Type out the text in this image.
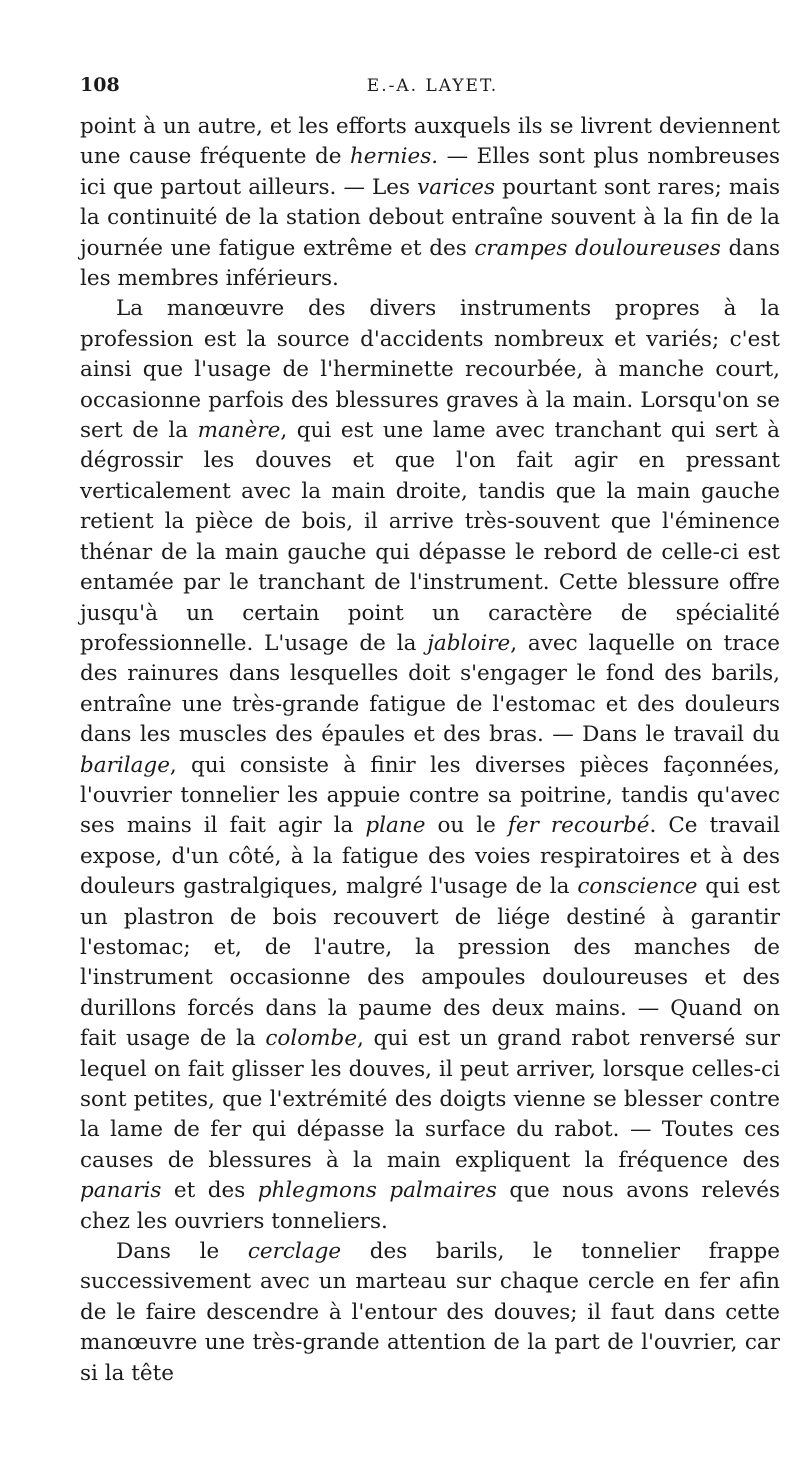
108	E.-A. LAYET.

point à un autre, et les efforts auxquels ils se livrent deviennent une cause fréquente de hernies. — Elles sont plus nombreuses ici que partout ailleurs. — Les varices pourtant sont rares; mais la continuité de la station debout entraîne souvent à la fin de la journée une fatigue extrême et des crampes douloureuses dans les membres inférieurs.

La manœuvre des divers instruments propres à la profession est la source d'accidents nombreux et variés; c'est ainsi que l'usage de l'herminette recourbée, à manche court, occasionne parfois des blessures graves à la main. Lorsqu'on se sert de la manère, qui est une lame avec tranchant qui sert à dégrossir les douves et que l'on fait agir en pressant verticalement avec la main droite, tandis que la main gauche retient la pièce de bois, il arrive très-souvent que l'éminence thénar de la main gauche qui dépasse le rebord de celle-ci est entamée par le tranchant de l'instrument. Cette blessure offre jusqu'à un certain point un caractère de spécialité professionnelle. L'usage de la jabloire, avec laquelle on trace des rainures dans lesquelles doit s'engager le fond des barils, entraîne une très-grande fatigue de l'estomac et des douleurs dans les muscles des épaules et des bras. — Dans le travail du barilage, qui consiste à finir les diverses pièces façonnées, l'ouvrier tonnelier les appuie contre sa poitrine, tandis qu'avec ses mains il fait agir la plane ou le fer recourbé. Ce travail expose, d'un côté, à la fatigue des voies respiratoires et à des douleurs gastralgiques, malgré l'usage de la conscience qui est un plastron de bois recouvert de liége destiné à garantir l'estomac; et, de l'autre, la pression des manches de l'instrument occasionne des ampoules douloureuses et des durillons forcés dans la paume des deux mains. — Quand on fait usage de la colombe, qui est un grand rabot renversé sur lequel on fait glisser les douves, il peut arriver, lorsque celles-ci sont petites, que l'extrémité des doigts vienne se blesser contre la lame de fer qui dépasse la surface du rabot. — Toutes ces causes de blessures à la main expliquent la fréquence des panaris et des phlegmons palmaires que nous avons relevés chez les ouvriers tonneliers.

Dans le cerclage des barils, le tonnelier frappe successivement avec un marteau sur chaque cercle en fer afin de le faire descendre à l'entour des douves; il faut dans cette manœuvre une très-grande attention de la part de l'ouvrier, car si la tête
